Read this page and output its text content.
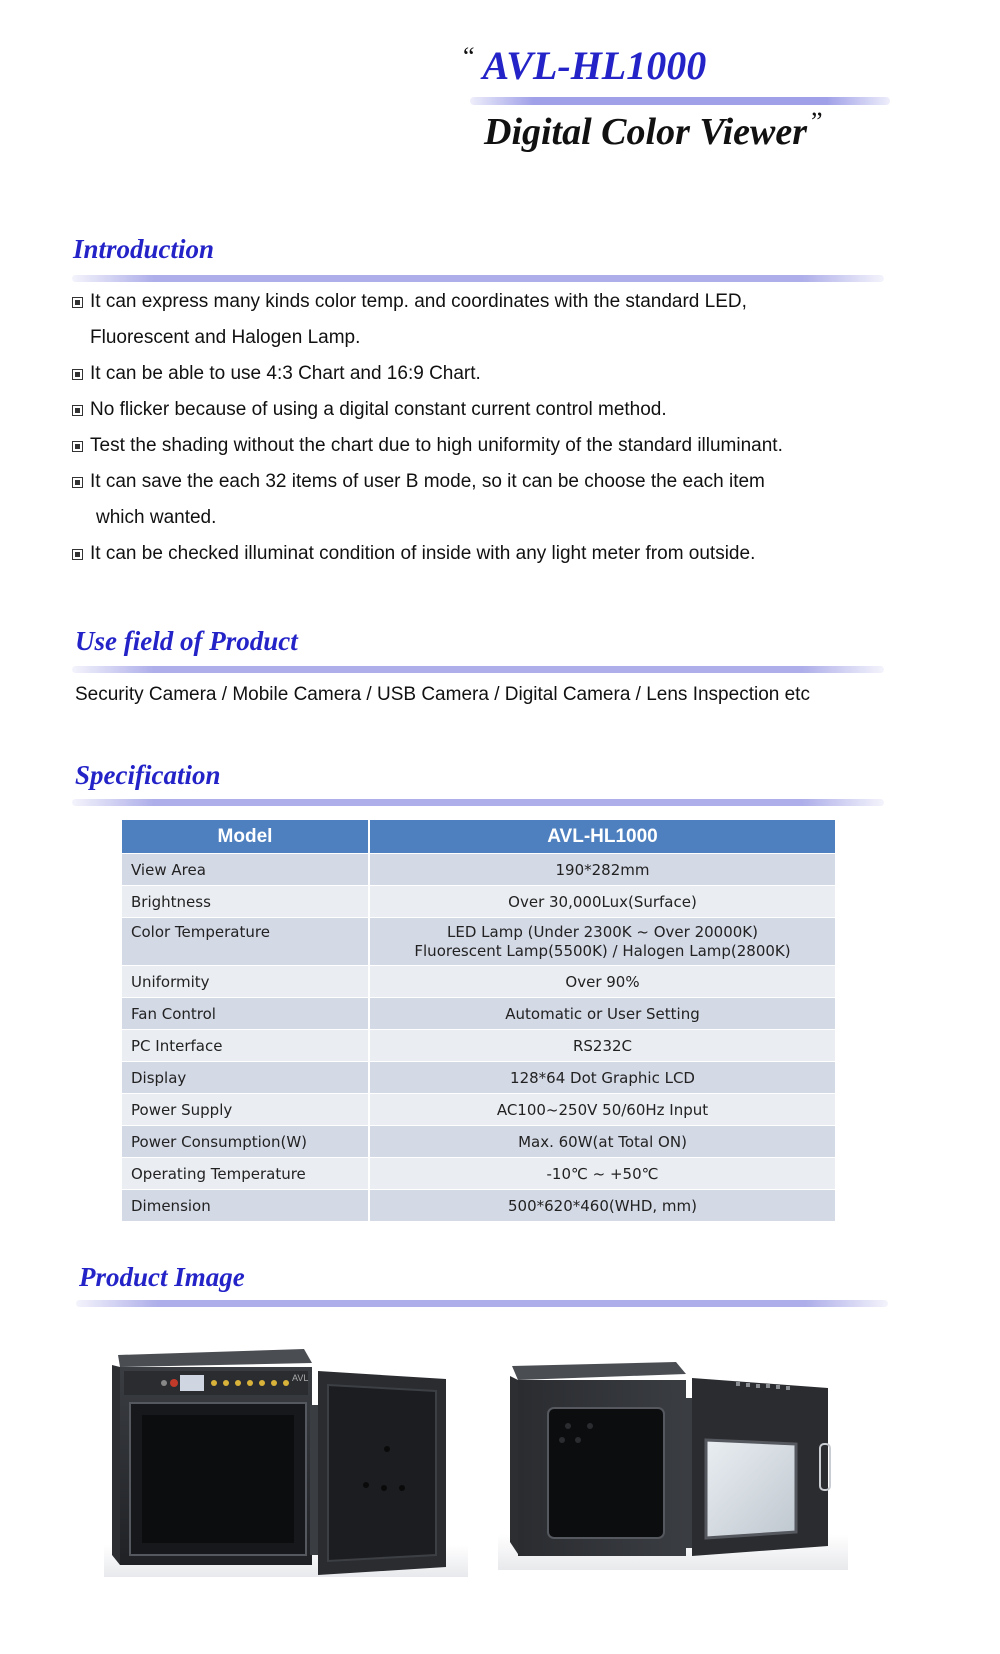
“ AVL-HL1000
Digital Color Viewer ”
Introduction
It can express many kinds color temp. and coordinates with the standard LED,
Fluorescent and Halogen Lamp.
It can be able to use 4:3 Chart and 16:9 Chart.
No flicker because of using a digital constant current control method.
Test the shading without the chart due to high uniformity of the standard illuminant.
It can save the each 32 items of user B mode, so it can be choose the each item
which wanted.
It can be checked illuminat condition of inside with any light meter from outside.
Use field of Product
Security Camera / Mobile Camera / USB Camera / Digital Camera / Lens Inspection etc
Specification
Model	AVL-HL1000
View Area	190*282mm
Brightness	Over 30,000Lux(Surface)
Color Temperature	LED Lamp (Under 2300K ~ Over 20000K)
Fluorescent Lamp(5500K) / Halogen Lamp(2800K)

Uniformity	Over 90%
Fan Control	Automatic or User Setting
PC Interface	RS232C
Display	128*64 Dot Graphic LCD
Power Supply	AC100~250V 50/60Hz Input
Power Consumption(W)	Max. 60W(at Total ON)
Operating Temperature	-10℃ ~ +50℃
Dimension	500*620*460(WHD, mm)
Product Image
AVL
